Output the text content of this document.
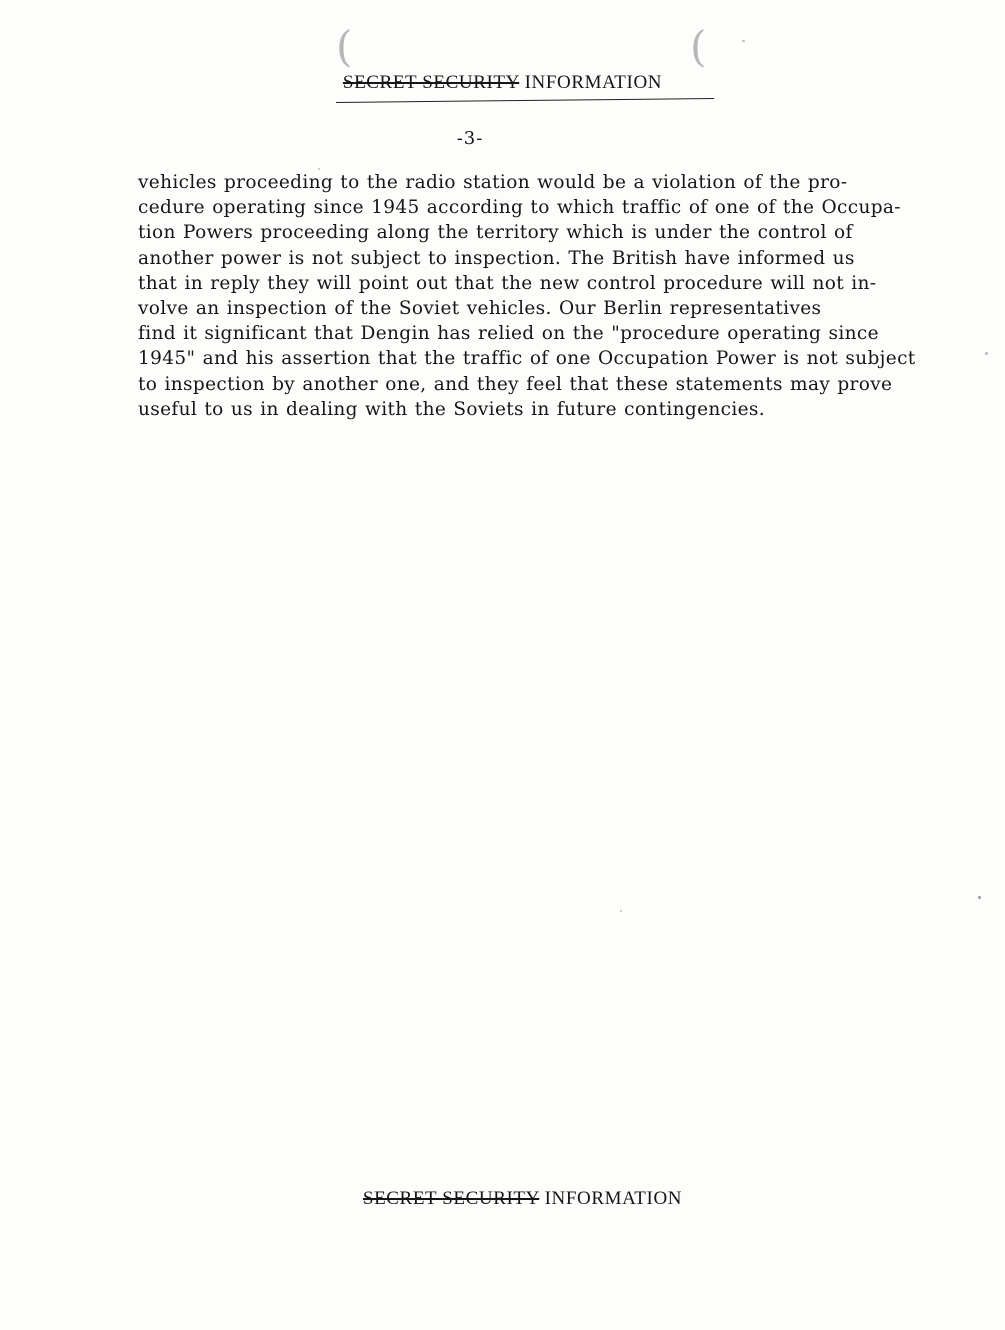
(	(
SECRET SECURITY INFORMATION
-3-
vehicles proceeding to the radio station would be a violation of the pro-
cedure operating since 1945 according to which traffic of one of the Occupa-
tion Powers proceeding along the territory which is under the control of
another power is not subject to inspection. The British have informed us
that in reply they will point out that the new control procedure will not in-
volve an inspection of the Soviet vehicles. Our Berlin representatives
find it significant that Dengin has relied on the "procedure operating since
1945" and his assertion that the traffic of one Occupation Power is not subject
to inspection by another one, and they feel that these statements may prove
useful to us in dealing with the Soviets in future contingencies.
SECRET SECURITY INFORMATION
